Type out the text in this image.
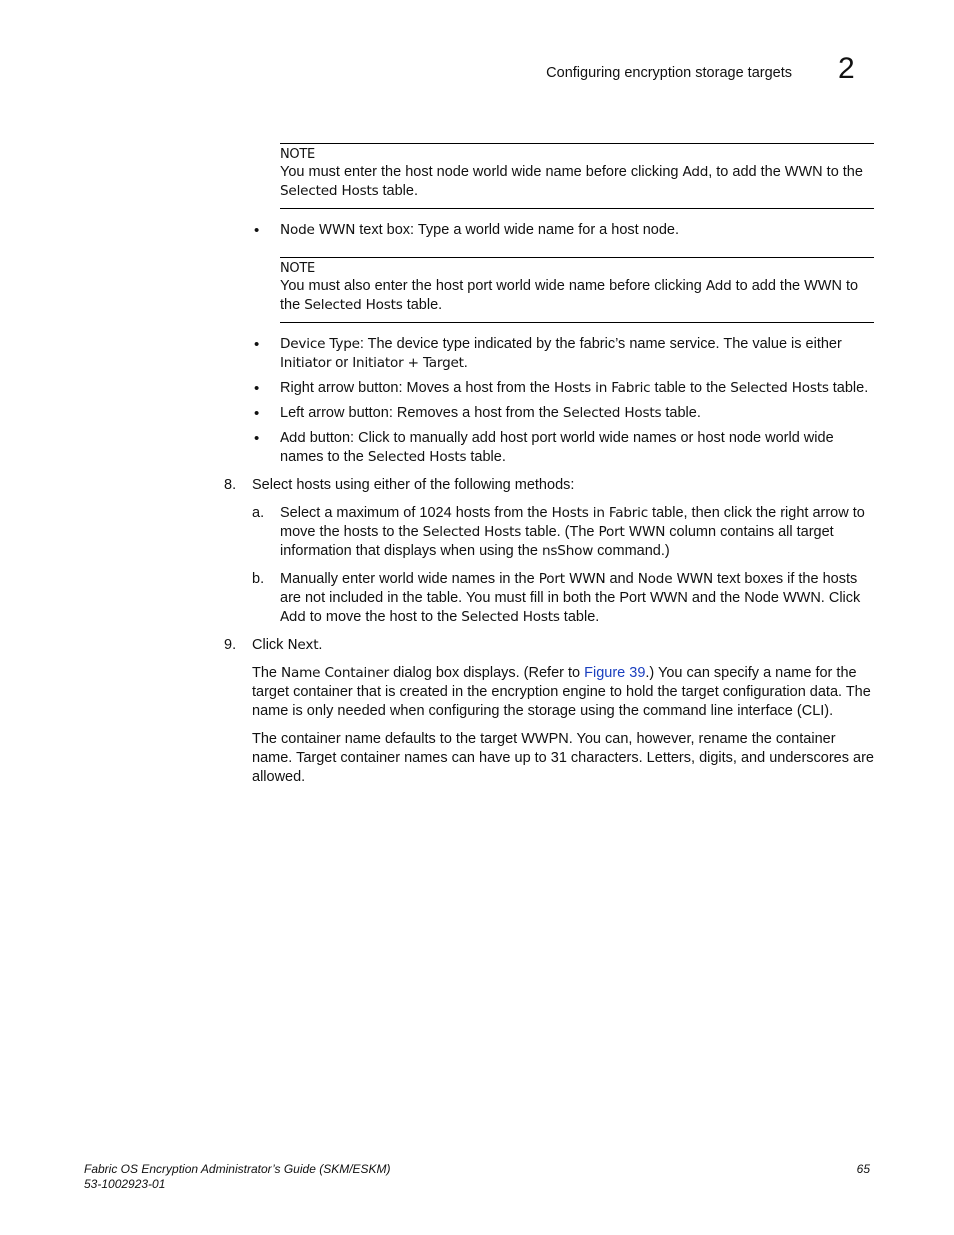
Configuring encryption storage targets 2
NOTE
You must enter the host node world wide name before clicking Add, to add the WWN to the Selected Hosts table.
• Node WWN text box: Type a world wide name for a host node.
NOTE
You must also enter the host port world wide name before clicking Add to add the WWN to the Selected Hosts table.
• Device Type: The device type indicated by the fabric’s name service. The value is either Initiator or Initiator + Target.
• Right arrow button: Moves a host from the Hosts in Fabric table to the Selected Hosts table.
• Left arrow button: Removes a host from the Selected Hosts table.
• Add button: Click to manually add host port world wide names or host node world wide names to the Selected Hosts table.
8. Select hosts using either of the following methods:
a. Select a maximum of 1024 hosts from the Hosts in Fabric table, then click the right arrow to move the hosts to the Selected Hosts table. (The Port WWN column contains all target information that displays when using the nsShow command.)
b. Manually enter world wide names in the Port WWN and Node WWN text boxes if the hosts are not included in the table. You must fill in both the Port WWN and the Node WWN. Click Add to move the host to the Selected Hosts table.
9. Click Next.
The Name Container dialog box displays. (Refer to Figure 39.) You can specify a name for the target container that is created in the encryption engine to hold the target configuration data. The name is only needed when configuring the storage using the command line interface (CLI).
The container name defaults to the target WWPN. You can, however, rename the container name. Target container names can have up to 31 characters. Letters, digits, and underscores are allowed.
Fabric OS Encryption Administrator’s Guide (SKM/ESKM)
53-1002923-01
65
